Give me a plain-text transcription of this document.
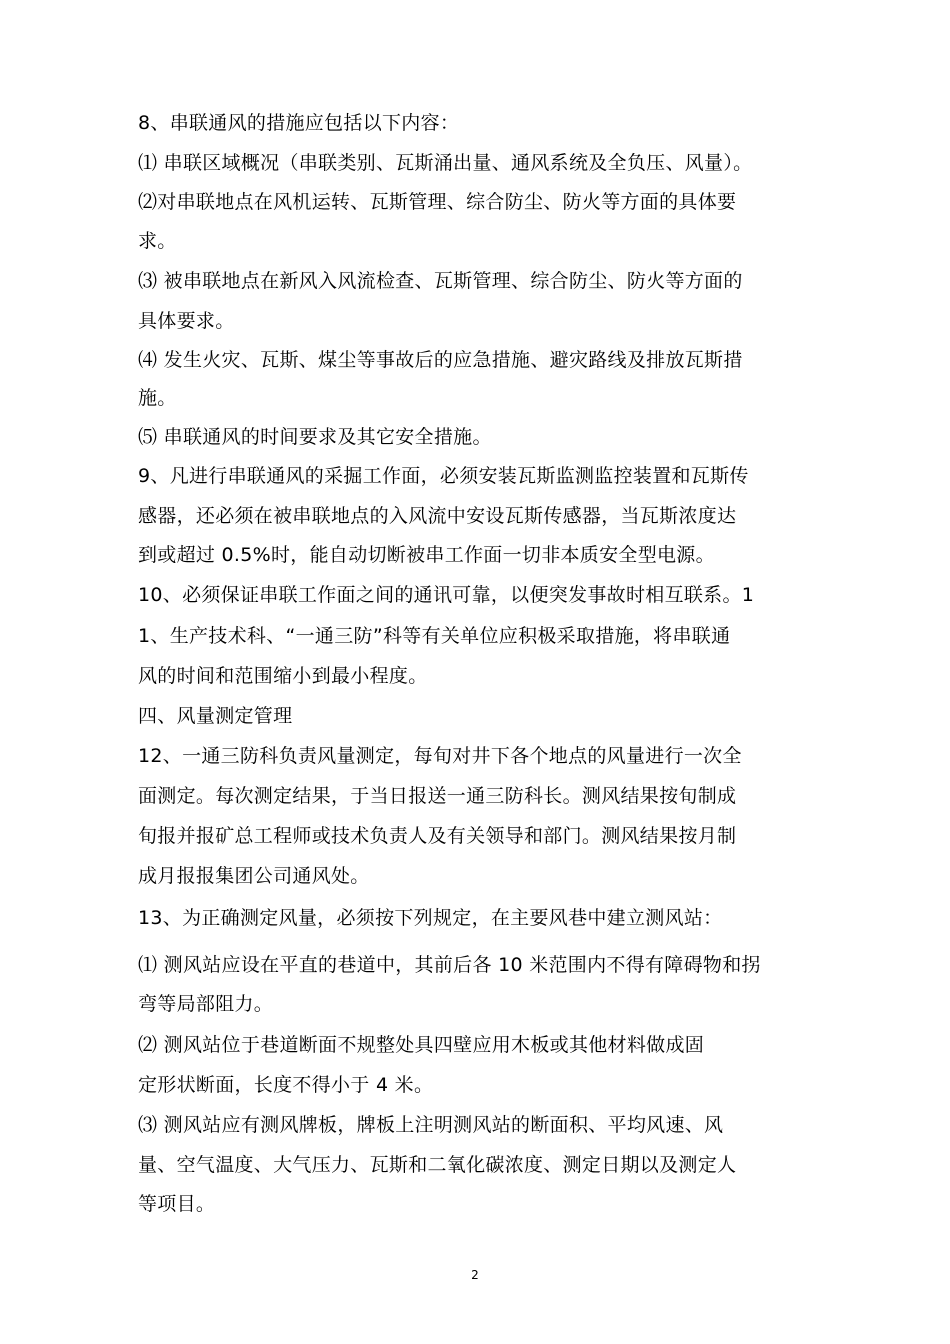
8、串联通风的措施应包括以下内容：
⑴ 串联区域概况（串联类别、瓦斯涌出量、通风系统及全负压、风量）。
⑵对串联地点在风机运转、瓦斯管理、综合防尘、防火等方面的具体要
求。
⑶ 被串联地点在新风入风流检查、瓦斯管理、综合防尘、防火等方面的
具体要求。
⑷ 发生火灾、瓦斯、煤尘等事故后的应急措施、避灾路线及排放瓦斯措
施。
⑸ 串联通风的时间要求及其它安全措施。
9、凡进行串联通风的采掘工作面，必须安装瓦斯监测监控装置和瓦斯传
感器，还必须在被串联地点的入风流中安设瓦斯传感器，当瓦斯浓度达
到或超过 0.5%时，能自动切断被串工作面一切非本质安全型电源。
10、必须保证串联工作面之间的通讯可靠，以便突发事故时相互联系。1
1、生产技术科、“一通三防”科等有关单位应积极采取措施，将串联通
风的时间和范围缩小到最小程度。
四、风量测定管理
12、一通三防科负责风量测定，每旬对井下各个地点的风量进行一次全
面测定。每次测定结果，于当日报送一通三防科长。测风结果按旬制成
旬报并报矿总工程师或技术负责人及有关领导和部门。测风结果按月制
成月报报集团公司通风处。
13、为正确测定风量，必须按下列规定，在主要风巷中建立测风站：
⑴ 测风站应设在平直的巷道中，其前后各 10 米范围内不得有障碍物和拐
弯等局部阻力。
⑵ 测风站位于巷道断面不规整处具四壁应用木板或其他材料做成固
定形状断面，长度不得小于 4 米。
⑶ 测风站应有测风牌板，牌板上注明测风站的断面积、平均风速、风
量、空气温度、大气压力、瓦斯和二氧化碳浓度、测定日期以及测定人
等项目。
2
